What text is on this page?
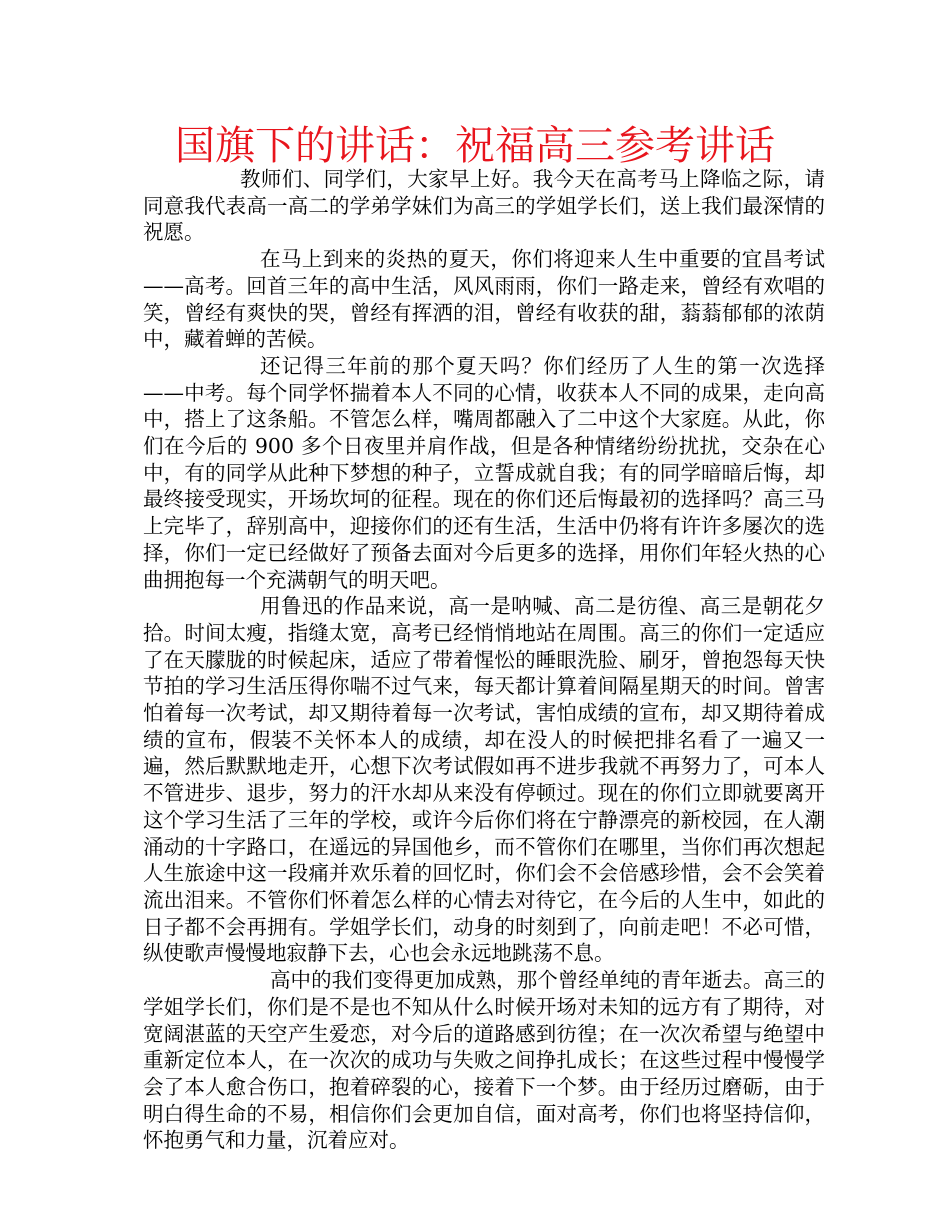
国旗下的讲话：祝福高三参考讲话

教师们、同学们，大家早上好。我今天在高考马上降临之际，请同意我代表高一高二的学弟学妹们为高三的学姐学长们，送上我们最深情的祝愿。

在马上到来的炎热的夏天，你们将迎来人生中重要的宜昌考试——高考。回首三年的高中生活，风风雨雨，你们一路走来，曾经有欢唱的笑，曾经有爽快的哭，曾经有挥洒的泪，曾经有收获的甜，蓊蓊郁郁的浓荫中，藏着蝉的苦候。

还记得三年前的那个夏天吗？你们经历了人生的第一次选择——中考。每个同学怀揣着本人不同的心情，收获本人不同的成果，走向高中，搭上了这条船。不管怎么样，嘴周都融入了二中这个大家庭。从此，你们在今后的 900 多个日夜里并肩作战，但是各种情绪纷纷扰扰，交杂在心中，有的同学从此种下梦想的种子，立誓成就自我；有的同学暗暗后悔，却最终接受现实，开场坎坷的征程。现在的你们还后悔最初的选择吗？高三马上完毕了，辞别高中，迎接你们的还有生活，生活中仍将有许许多屡次的选择，你们一定已经做好了预备去面对今后更多的选择，用你们年轻火热的心曲拥抱每一个充满朝气的明天吧。

用鲁迅的作品来说，高一是呐喊、高二是彷徨、高三是朝花夕拾。时间太瘦，指缝太宽，高考已经悄悄地站在周围。高三的你们一定适应了在天朦胧的时候起床，适应了带着惺忪的睡眼洗脸、刷牙，曾抱怨每天快节拍的学习生活压得你喘不过气来，每天都计算着间隔星期天的时间。曾害怕着每一次考试，却又期待着每一次考试，害怕成绩的宣布，却又期待着成绩的宣布，假装不关怀本人的成绩，却在没人的时候把排名看了一遍又一遍，然后默默地走开，心想下次考试假如再不进步我就不再努力了，可本人不管进步、退步，努力的汗水却从来没有停顿过。现在的你们立即就要离开这个学习生活了三年的学校，或许今后你们将在宁静漂亮的新校园，在人潮涌动的十字路口，在遥远的异国他乡，而不管你们在哪里，当你们再次想起人生旅途中这一段痛并欢乐着的回忆时，你们会不会倍感珍惜，会不会笑着流出泪来。不管你们怀着怎么样的心情去对待它，在今后的人生中，如此的日子都不会再拥有。学姐学长们，动身的时刻到了，向前走吧！不必可惜，纵使歌声慢慢地寂静下去，心也会永远地跳荡不息。

高中的我们变得更加成熟，那个曾经单纯的青年逝去。高三的学姐学长们，你们是不是也不知从什么时候开场对未知的远方有了期待，对宽阔湛蓝的天空产生爱恋，对今后的道路感到彷徨；在一次次希望与绝望中重新定位本人，在一次次的成功与失败之间挣扎成长；在这些过程中慢慢学会了本人愈合伤口，抱着碎裂的心，接着下一个梦。由于经历过磨砺，由于明白得生命的不易，相信你们会更加自信，面对高考，你们也将坚持信仰，怀抱勇气和力量，沉着应对。
